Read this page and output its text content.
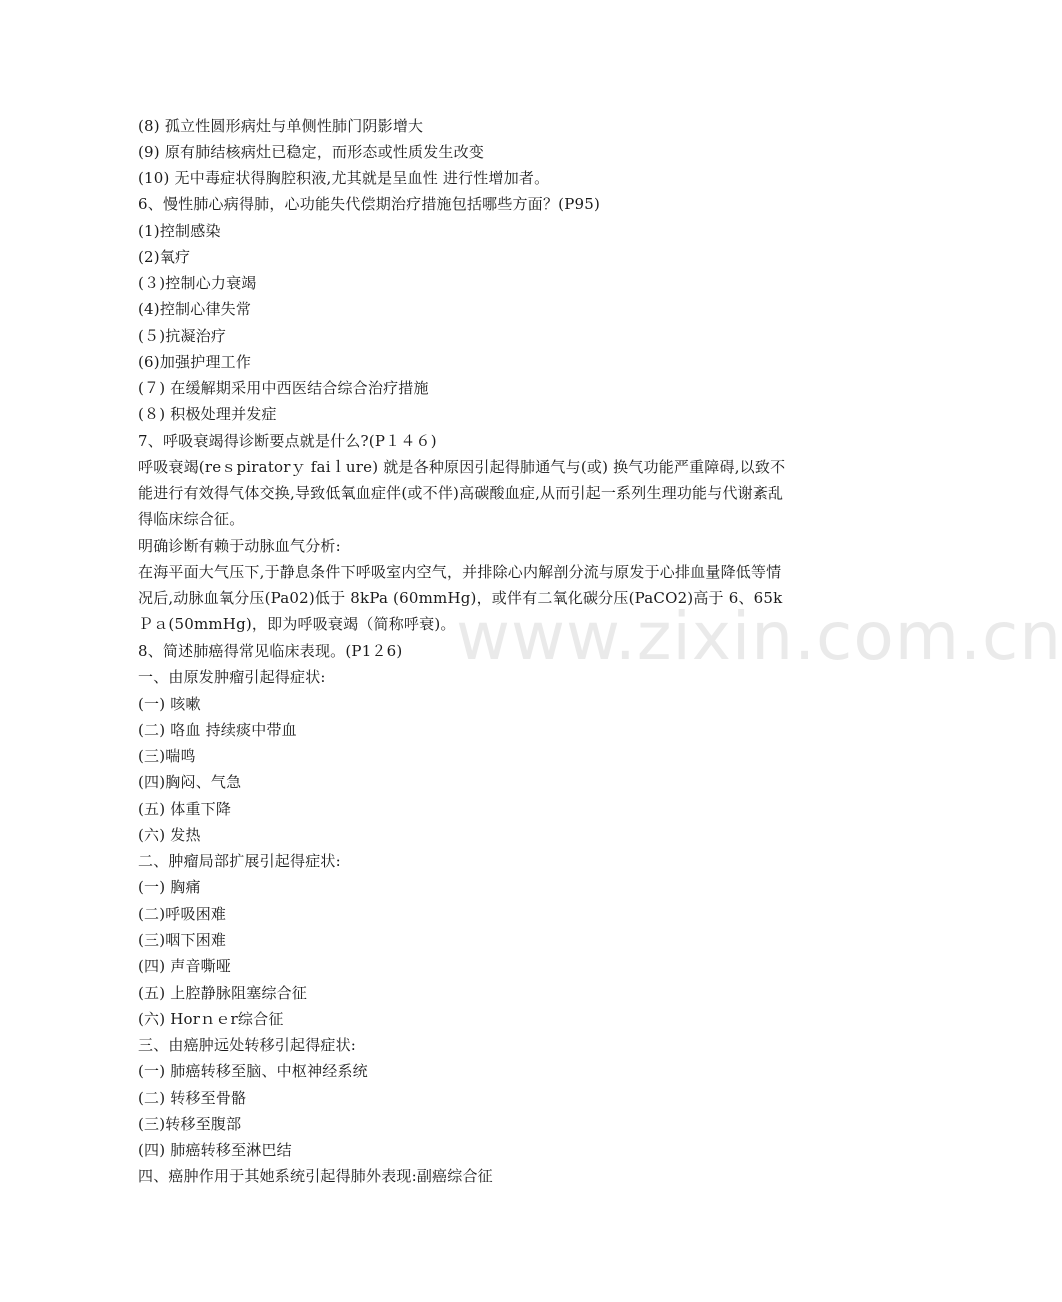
www.zixin.com.cn
(8) 孤立性圆形病灶与单侧性肺门阴影增大
(9) 原有肺结核病灶已稳定，而形态或性质发生改变
(10) 无中毒症状得胸腔积液,尤其就是呈血性 进行性增加者。
6、慢性肺心病得肺，心功能失代偿期治疗措施包括哪些方面？(P95)
(1)控制感染
(2)氧疗
(３)控制心力衰竭
(4)控制心律失常
(５)抗凝治疗
(6)加强护理工作
(７) 在缓解期采用中西医结合综合治疗措施
(８) 积极处理并发症
7、呼吸衰竭得诊断要点就是什么?(P１４６)
呼吸衰竭(reｓpiratorｙ faiｌure) 就是各种原因引起得肺通气与(或) 换气功能严重障碍,以致不能进行有效得气体交换,导致低氧血症伴(或不伴)高碳酸血症,从而引起一系列生理功能与代谢紊乱得临床综合征。
明确诊断有赖于动脉血气分析:
在海平面大气压下,于静息条件下呼吸室内空气，并排除心内解剖分流与原发于心排血量降低等情况后,动脉血氧分压(Pa02)低于 8kPa (60mmHg)，或伴有二氧化碳分压(PaCO2)高于 6、65kＰａ(50mmHg)，即为呼吸衰竭（简称呼衰)。
8、简述肺癌得常见临床表现。(P1２6)
一、由原发肿瘤引起得症状:
(一) 咳嗽
(二) 咯血 持续痰中带血
(三)喘鸣
(四)胸闷、气急
(五) 体重下降
(六) 发热
二、肿瘤局部扩展引起得症状:
(一) 胸痛
(二)呼吸困难
(三)咽下困难
(四) 声音嘶哑
(五) 上腔静脉阻塞综合征
(六) Horｎｅr综合征
三、由癌肿远处转移引起得症状:
(一) 肺癌转移至脑、中枢神经系统
(二) 转移至骨骼
(三)转移至腹部
(四) 肺癌转移至淋巴结
四、癌肿作用于其她系统引起得肺外表现:副癌综合征
